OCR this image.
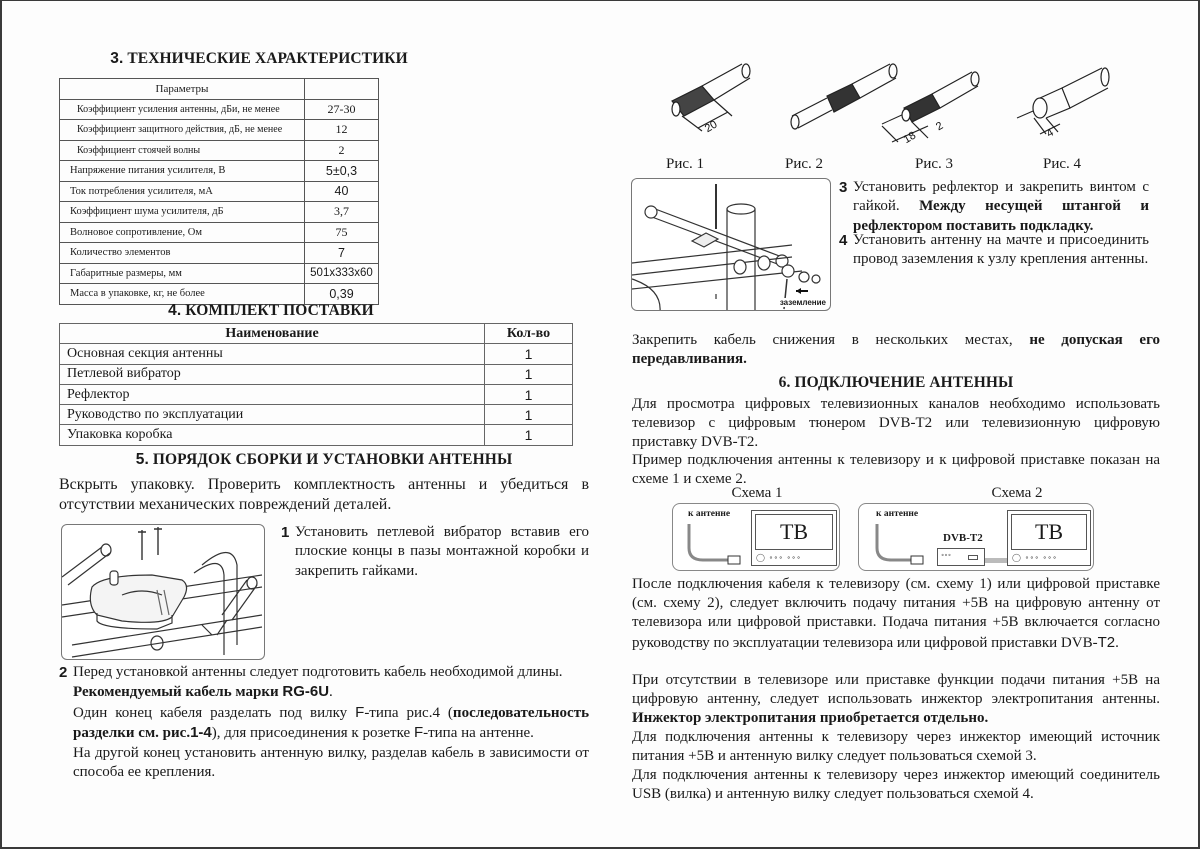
3. ТЕХНИЧЕСКИЕ ХАРАКТЕРИСТИКИ
Параметры	
Коэффициент усиления антенны, дБи, не менее	27-30
Коэффициент защитного действия, дБ, не менее	12
Коэффициент стоячей волны	2
Напряжение питания усилителя, В	5±0,3
Ток потребления усилителя, мА	40
Коэффициент шума усилителя, дБ	3,7
Волновое сопротивление, Ом	75
Количество элементов	7
Габаритные размеры, мм	501x333x60
Масса в упаковке, кг, не более	0,39
4. КОМПЛЕКТ ПОСТАВКИ
Наименование	Кол-во
Основная секция антенны	1
Петлевой вибратор	1
Рефлектор	1
Руководство по эксплуатации	1
Упаковка коробка	1
5. ПОРЯДОК СБОРКИ И УСТАНОВКИ АНТЕННЫ
Вскрыть упаковку. Проверить комплектность антенны и убедиться в отсутствии механических повреждений деталей.
1 Установить петлевой вибратор вставив его плоские концы в пазы монтажной коробки и закрепить гайками.
2 Перед установкой антенны следует подготовить кабель необходимой длины.
Рекомендуемый кабель марки RG-6U.
Один конец кабеля разделать под вилку F-типа рис.4 (последовательность разделки см. рис.1-4), для присоединения к розетке F-типа на антенне.
На другой конец установить антенную вилку, разделав кабель в зависимости от способа ее крепления.
20
18
2
4
Рис. 1	Рис. 2	Рис. 3	Рис. 4
заземление
3 Установить рефлектор и закрепить винтом с гайкой. Между несущей штангой и рефлектором поставить подкладку.
4 Установить антенну на мачте и присоединить провод заземления к узлу крепления антенны.
Закрепить кабель снижения в нескольких местах, не допуская его передавливания.
6. ПОДКЛЮЧЕНИЕ АНТЕННЫ
Для просмотра цифровых телевизионных каналов необходимо использовать телевизор с цифровым тюнером DVB-T2 или телевизионную цифровую приставку DVB-T2.
Пример подключения антенны к телевизору и к цифровой приставке показан на схеме 1 и схеме 2.
Схема 1
к антенне
ТВ
◯ ∘∘∘ ∘∘∘
Схема 2
к антенне
DVB-T2
∘∘∘
ТВ
◯ ∘∘∘ ∘∘∘
После подключения кабеля к телевизору (см. схему 1) или цифровой приставке (см. схему 2), следует включить подачу питания +5В на цифровую антенну от телевизора или цифровой приставки. Подача питания +5В включается согласно руководству по эксплуатации телевизора или цифровой приставки DVB-T2.
При отсутствии в телевизоре или приставке функции подачи питания +5В на цифровую антенну, следует использовать инжектор электропитания антенны. Инжектор электропитания приобретается отдельно.
Для подключения антенны к телевизору через инжектор имеющий источник питания +5В и антенную вилку следует пользоваться схемой 3.
Для подключения антенны к телевизору через инжектор имеющий соединитель USB (вилка) и антенную вилку следует пользоваться схемой 4.
